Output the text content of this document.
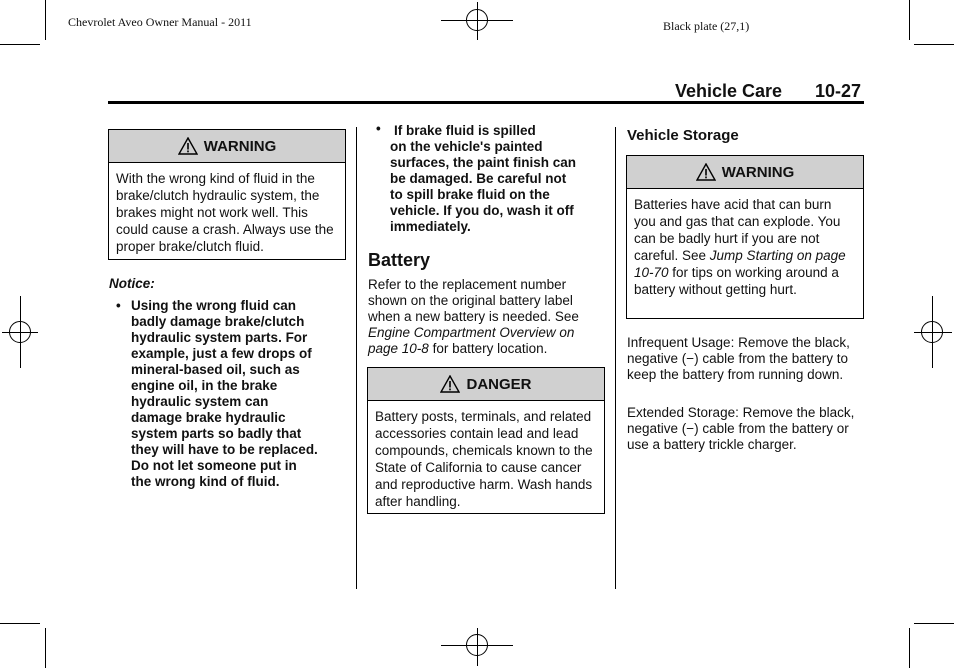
Chevrolet Aveo Owner Manual - 2011	Black plate (27,1)
Vehicle Care 10-27
WARNING
With the wrong kind of fluid in the brake/clutch hydraulic system, the brakes might not work well. This could cause a crash. Always use the proper brake/clutch fluid.
Notice:
• Using the wrong fluid can
badly damage brake/clutch
hydraulic system parts. For
example, just a few drops of
mineral-based oil, such as
engine oil, in the brake
hydraulic system can
damage brake hydraulic
system parts so badly that
they will have to be replaced.
Do not let someone put in
the wrong kind of fluid.
• If brake fluid is spilled
on the vehicle's painted
surfaces, the paint finish can
be damaged. Be careful not
to spill brake fluid on the
vehicle. If you do, wash it off
immediately.
Battery
Refer to the replacement number shown on the original battery label when a new battery is needed. See Engine Compartment Overview on page 10-8 for battery location.
DANGER
Battery posts, terminals, and related accessories contain lead and lead compounds, chemicals known to the State of California to cause cancer and reproductive harm. Wash hands after handling.
Vehicle Storage
WARNING
Batteries have acid that can burn you and gas that can explode. You can be badly hurt if you are not careful. See Jump Starting on page 10-70 for tips on working around a battery without getting hurt.
Infrequent Usage: Remove the black, negative (−) cable from the battery to keep the battery from running down.
Extended Storage: Remove the black, negative (−) cable from the battery or use a battery trickle charger.
